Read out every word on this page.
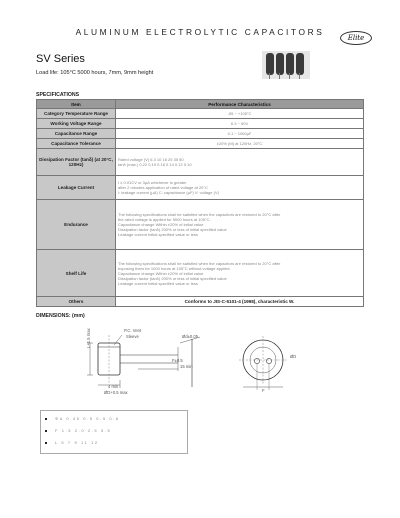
ALUMINUM ELECTROLYTIC CAPACITORS
Elite
SV Series
Load life: 105°C 5000 hours, 7mm, 9mm height
SPECIFICATIONS
Item	Performance Characteristics
Category Temperature Range	-55 ~ +105°C

Working Voltage Range	6.3 ~ 50V

Capacitance Range	0.1 ~ 1000μF

Capacitance Tolerance	±20% (M) at 120Hz, 20°C

Dissipation Factor (tanδ) (at 20°C, 120Hz)	Rated voltage (V) 6.3 10 16 25 35 50
tanδ (max.) 0.22 0.19 0.16 0.14 0.12 0.10

Leakage Current	I ≤ 0.01CV or 3μA whichever is greater
after 2 minutes application of rated voltage at 20°C
I: leakage current (μA) C: capacitance (μF) V: voltage (V)

Endurance	The following specifications shall be satisfied when the capacitors are restored to 20°C after
the rated voltage is applied for 5000 hours at 105°C.
Capacitance change Within ±20% of initial value
Dissipation factor (tanδ) 200% or less of initial specified value
Leakage current Initial specified value or less

Shelf Life	The following specifications shall be satisfied when the capacitors are restored to 20°C after
exposing them for 1000 hours at 105°C without voltage applied.
Capacitance change Within ±20% of initial value
Dissipation factor (tanδ) 200% or less of initial specified value
Leakage current Initial specified value or less

Others	Conforms to JIS-C-5101-4 (1998), characteristic W.
DIMENSIONS: (mm)
P.C. Vent
Sleeve	Ød±0.05
L+1.5 max
F±0.5
15 min
4 min
ØD+0.5 max
ØD
F
Φd 0.45 0.5 0.5 0.6
F 1.5 2.0 2.5 3.5
L 5 7 9 11 12
